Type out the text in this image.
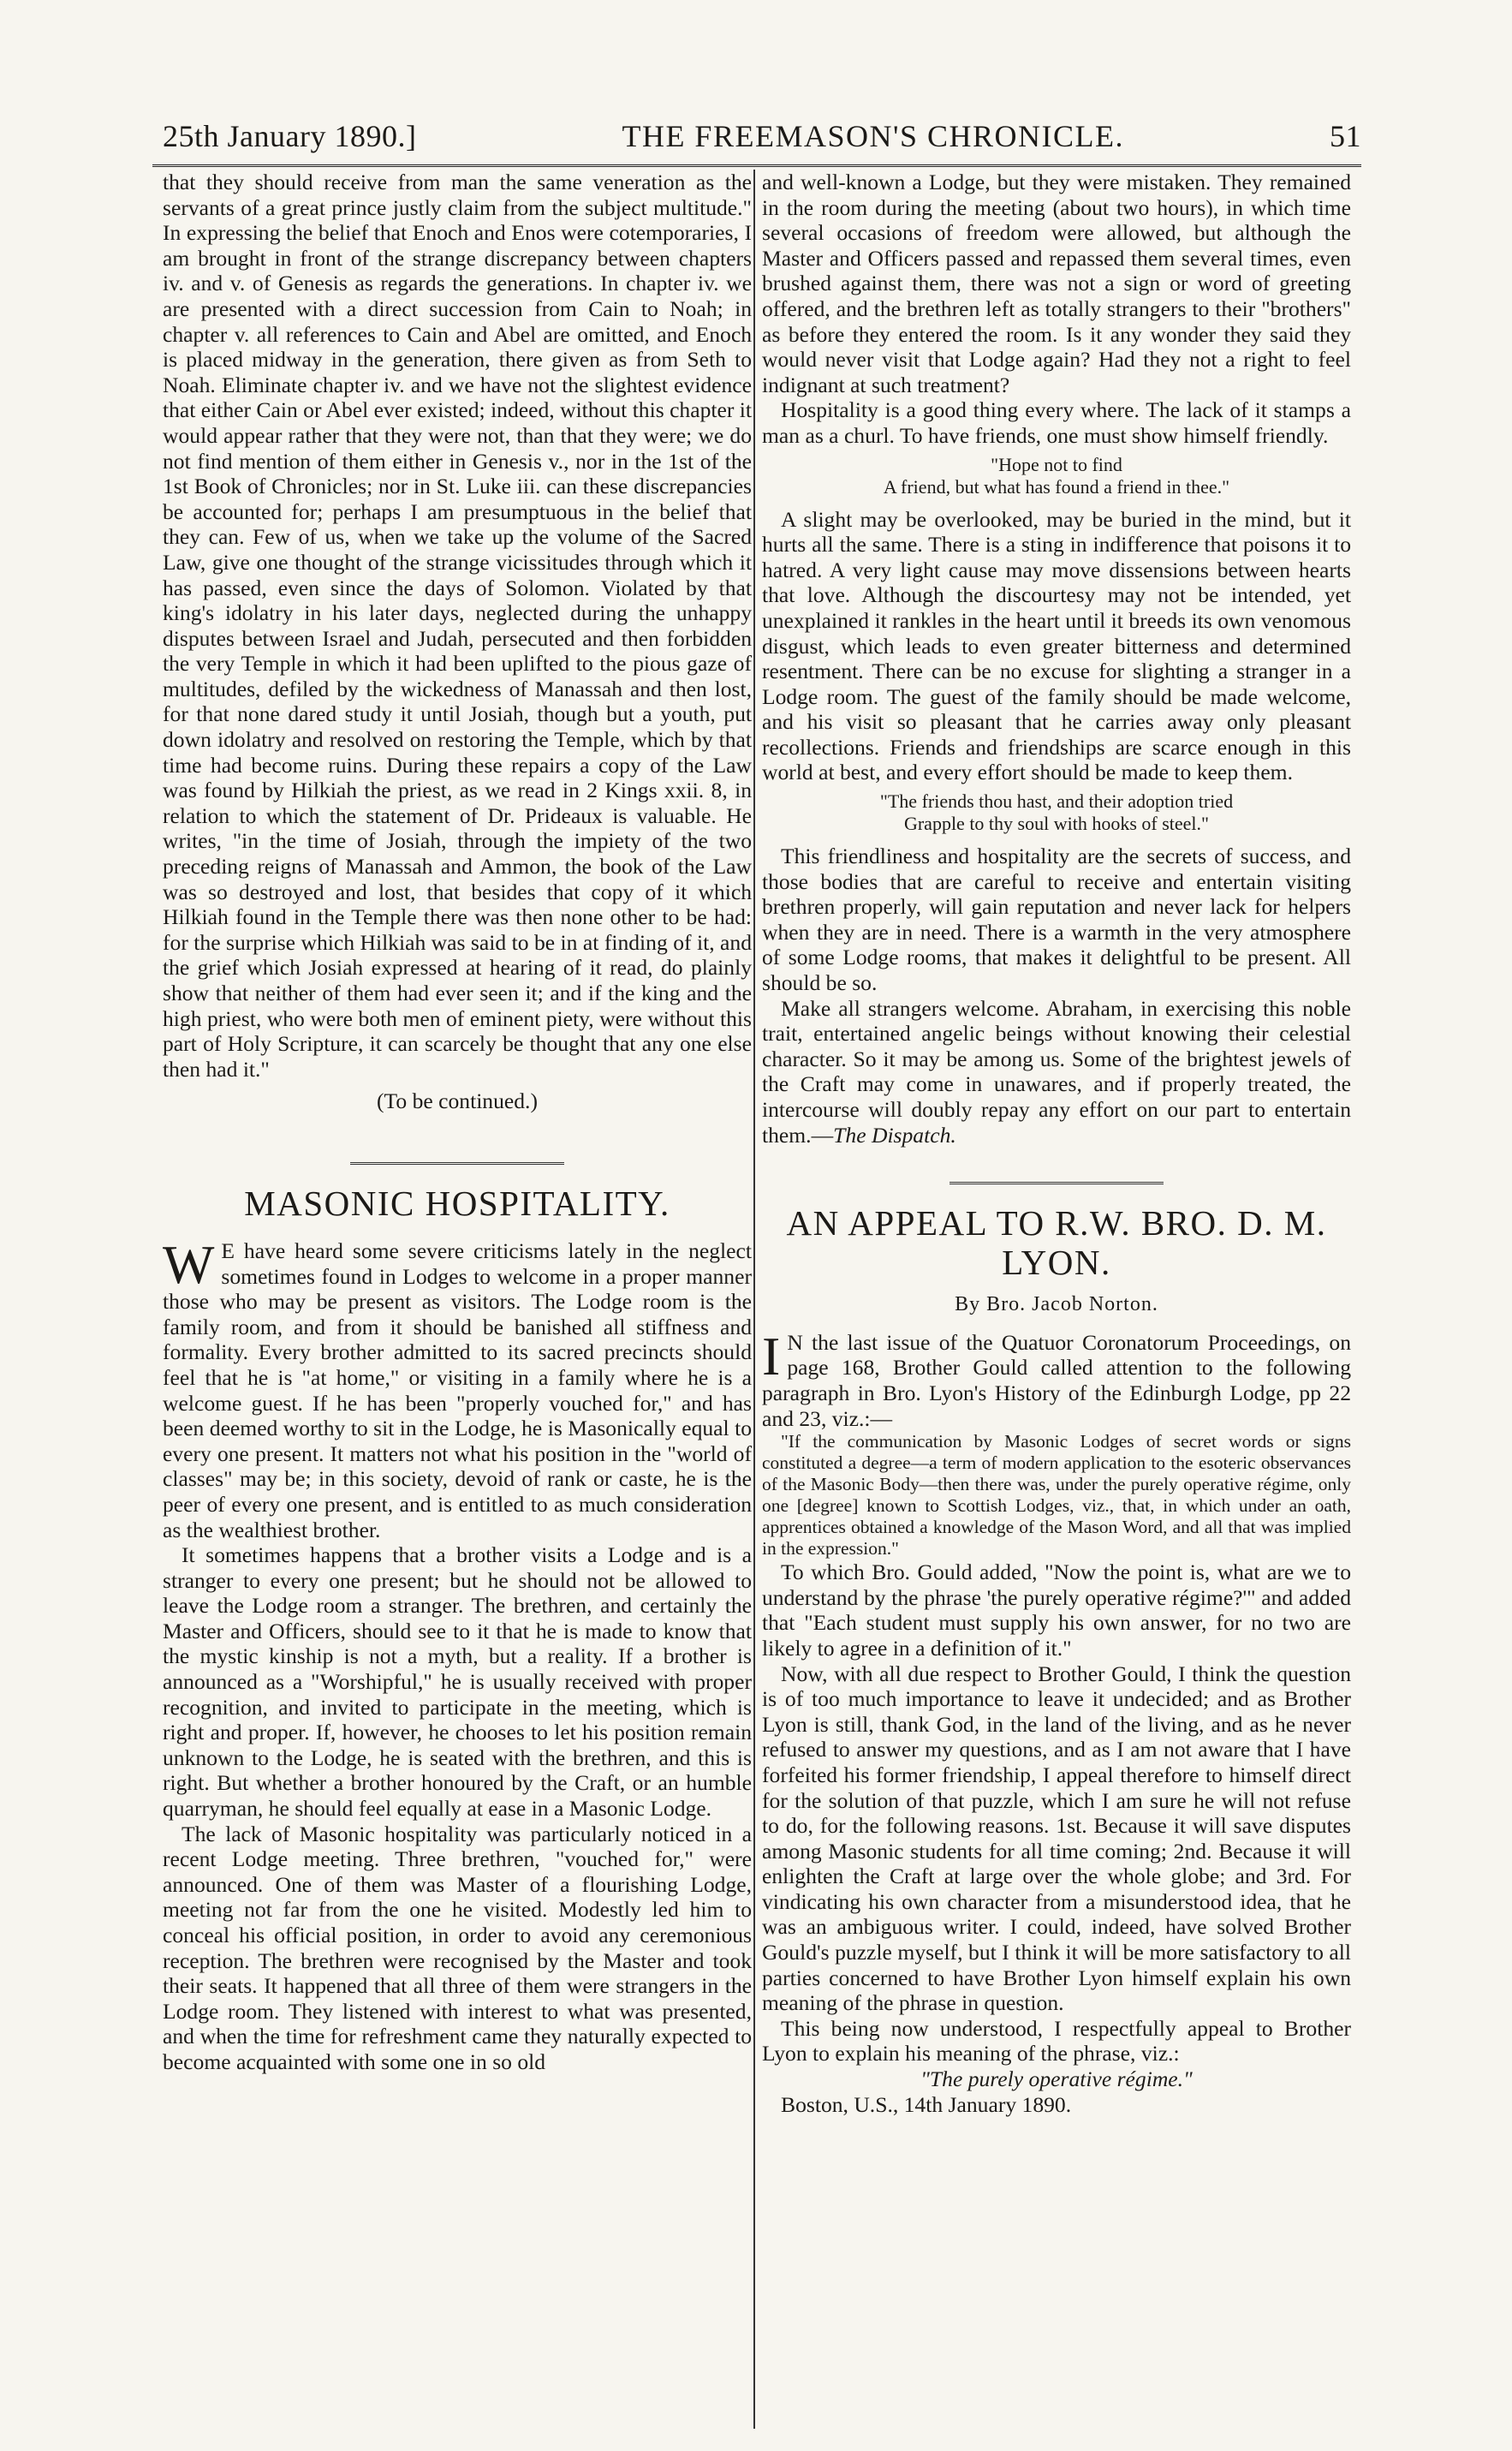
25th January 1890.]	THE FREEMASON'S CHRONICLE.	51

that they should receive from man the same veneration as the servants of a great prince justly claim from the subject multitude." In expressing the belief that Enoch and Enos were cotemporaries, I am brought in front of the strange discrepancy between chapters iv. and v. of Genesis as regards the generations. In chapter iv. we are presented with a direct succession from Cain to Noah; in chapter v. all references to Cain and Abel are omitted, and Enoch is placed midway in the generation, there given as from Seth to Noah. Eliminate chapter iv. and we have not the slightest evidence that either Cain or Abel ever existed; indeed, without this chapter it would appear rather that they were not, than that they were; we do not find mention of them either in Genesis v., nor in the 1st of the 1st Book of Chronicles; nor in St. Luke iii. can these discrepancies be accounted for; perhaps I am presumptuous in the belief that they can. Few of us, when we take up the volume of the Sacred Law, give one thought of the strange vicissitudes through which it has passed, even since the days of Solomon. Violated by that king's idolatry in his later days, neglected during the unhappy disputes between Israel and Judah, persecuted and then forbidden the very Temple in which it had been uplifted to the pious gaze of multitudes, defiled by the wickedness of Manassah and then lost, for that none dared study it until Josiah, though but a youth, put down idolatry and resolved on restoring the Temple, which by that time had become ruins. During these repairs a copy of the Law was found by Hilkiah the priest, as we read in 2 Kings xxii. 8, in relation to which the statement of Dr. Prideaux is valuable. He writes, "in the time of Josiah, through the impiety of the two preceding reigns of Manassah and Ammon, the book of the Law was so destroyed and lost, that besides that copy of it which Hilkiah found in the Temple there was then none other to be had: for the surprise which Hilkiah was said to be in at finding of it, and the grief which Josiah expressed at hearing of it read, do plainly show that neither of them had ever seen it; and if the king and the high priest, who were both men of eminent piety, were without this part of Holy Scripture, it can scarcely be thought that any one else then had it."

(To be continued.)
MASONIC HOSPITALITY.

W E have heard some severe criticisms lately in the neglect sometimes found in Lodges to welcome in a proper manner those who may be present as visitors. The Lodge room is the family room, and from it should be banished all stiffness and formality. Every brother admitted to its sacred precincts should feel that he is "at home," or visiting in a family where he is a welcome guest. If he has been "properly vouched for," and has been deemed worthy to sit in the Lodge, he is Masonically equal to every one present. It matters not what his position in the "world of classes" may be; in this society, devoid of rank or caste, he is the peer of every one present, and is entitled to as much consideration as the wealthiest brother.

It sometimes happens that a brother visits a Lodge and is a stranger to every one present; but he should not be allowed to leave the Lodge room a stranger. The brethren, and certainly the Master and Officers, should see to it that he is made to know that the mystic kinship is not a myth, but a reality. If a brother is announced as a "Worshipful," he is usually received with proper recognition, and invited to participate in the meeting, which is right and proper. If, however, he chooses to let his position remain unknown to the Lodge, he is seated with the brethren, and this is right. But whether a brother honoured by the Craft, or an humble quarryman, he should feel equally at ease in a Masonic Lodge.

The lack of Masonic hospitality was particularly noticed in a recent Lodge meeting. Three brethren, "vouched for," were announced. One of them was Master of a flourishing Lodge, meeting not far from the one he visited. Modestly led him to conceal his official position, in order to avoid any ceremonious reception. The brethren were recognised by the Master and took their seats. It happened that all three of them were strangers in the Lodge room. They listened with interest to what was presented, and when the time for refreshment came they naturally expected to become acquainted with some one in so old

and well-known a Lodge, but they were mistaken. They remained in the room during the meeting (about two hours), in which time several occasions of freedom were allowed, but although the Master and Officers passed and repassed them several times, even brushed against them, there was not a sign or word of greeting offered, and the brethren left as totally strangers to their "brothers" as before they entered the room. Is it any wonder they said they would never visit that Lodge again? Had they not a right to feel indignant at such treatment?

Hospitality is a good thing every where. The lack of it stamps a man as a churl. To have friends, one must show himself friendly.

"Hope not to find
A friend, but what has found a friend in thee."

A slight may be overlooked, may be buried in the mind, but it hurts all the same. There is a sting in indifference that poisons it to hatred. A very light cause may move dissensions between hearts that love. Although the discourtesy may not be intended, yet unexplained it rankles in the heart until it breeds its own venomous disgust, which leads to even greater bitterness and determined resentment. There can be no excuse for slighting a stranger in a Lodge room. The guest of the family should be made welcome, and his visit so pleasant that he carries away only pleasant recollections. Friends and friendships are scarce enough in this world at best, and every effort should be made to keep them.

"The friends thou hast, and their adoption tried
Grapple to thy soul with hooks of steel."

This friendliness and hospitality are the secrets of success, and those bodies that are careful to receive and entertain visiting brethren properly, will gain reputation and never lack for helpers when they are in need. There is a warmth in the very atmosphere of some Lodge rooms, that makes it delightful to be present. All should be so.

Make all strangers welcome. Abraham, in exercising this noble trait, entertained angelic beings without knowing their celestial character. So it may be among us. Some of the brightest jewels of the Craft may come in unawares, and if properly treated, the intercourse will doubly repay any effort on our part to entertain them.—The Dispatch.

AN APPEAL TO R.W. BRO. D. M. LYON.
By Bro. Jacob Norton.

I N the last issue of the Quatuor Coronatorum Proceedings, on page 168, Brother Gould called attention to the following paragraph in Bro. Lyon's History of the Edinburgh Lodge, pp 22 and 23, viz.:—

"If the communication by Masonic Lodges of secret words or signs constituted a degree—a term of modern application to the esoteric observances of the Masonic Body—then there was, under the purely operative régime, only one [degree] known to Scottish Lodges, viz., that, in which under an oath, apprentices obtained a knowledge of the Mason Word, and all that was implied in the expression."

To which Bro. Gould added, "Now the point is, what are we to understand by the phrase 'the purely operative régime?'" and added that "Each student must supply his own answer, for no two are likely to agree in a definition of it."

Now, with all due respect to Brother Gould, I think the question is of too much importance to leave it undecided; and as Brother Lyon is still, thank God, in the land of the living, and as he never refused to answer my questions, and as I am not aware that I have forfeited his former friendship, I appeal therefore to himself direct for the solution of that puzzle, which I am sure he will not refuse to do, for the following reasons. 1st. Because it will save disputes among Masonic students for all time coming; 2nd. Because it will enlighten the Craft at large over the whole globe; and 3rd. For vindicating his own character from a misunderstood idea, that he was an ambiguous writer. I could, indeed, have solved Brother Gould's puzzle myself, but I think it will be more satisfactory to all parties concerned to have Brother Lyon himself explain his own meaning of the phrase in question.

This being now understood, I respectfully appeal to Brother Lyon to explain his meaning of the phrase, viz.:

"The purely operative régime."

Boston, U.S., 14th January 1890.
